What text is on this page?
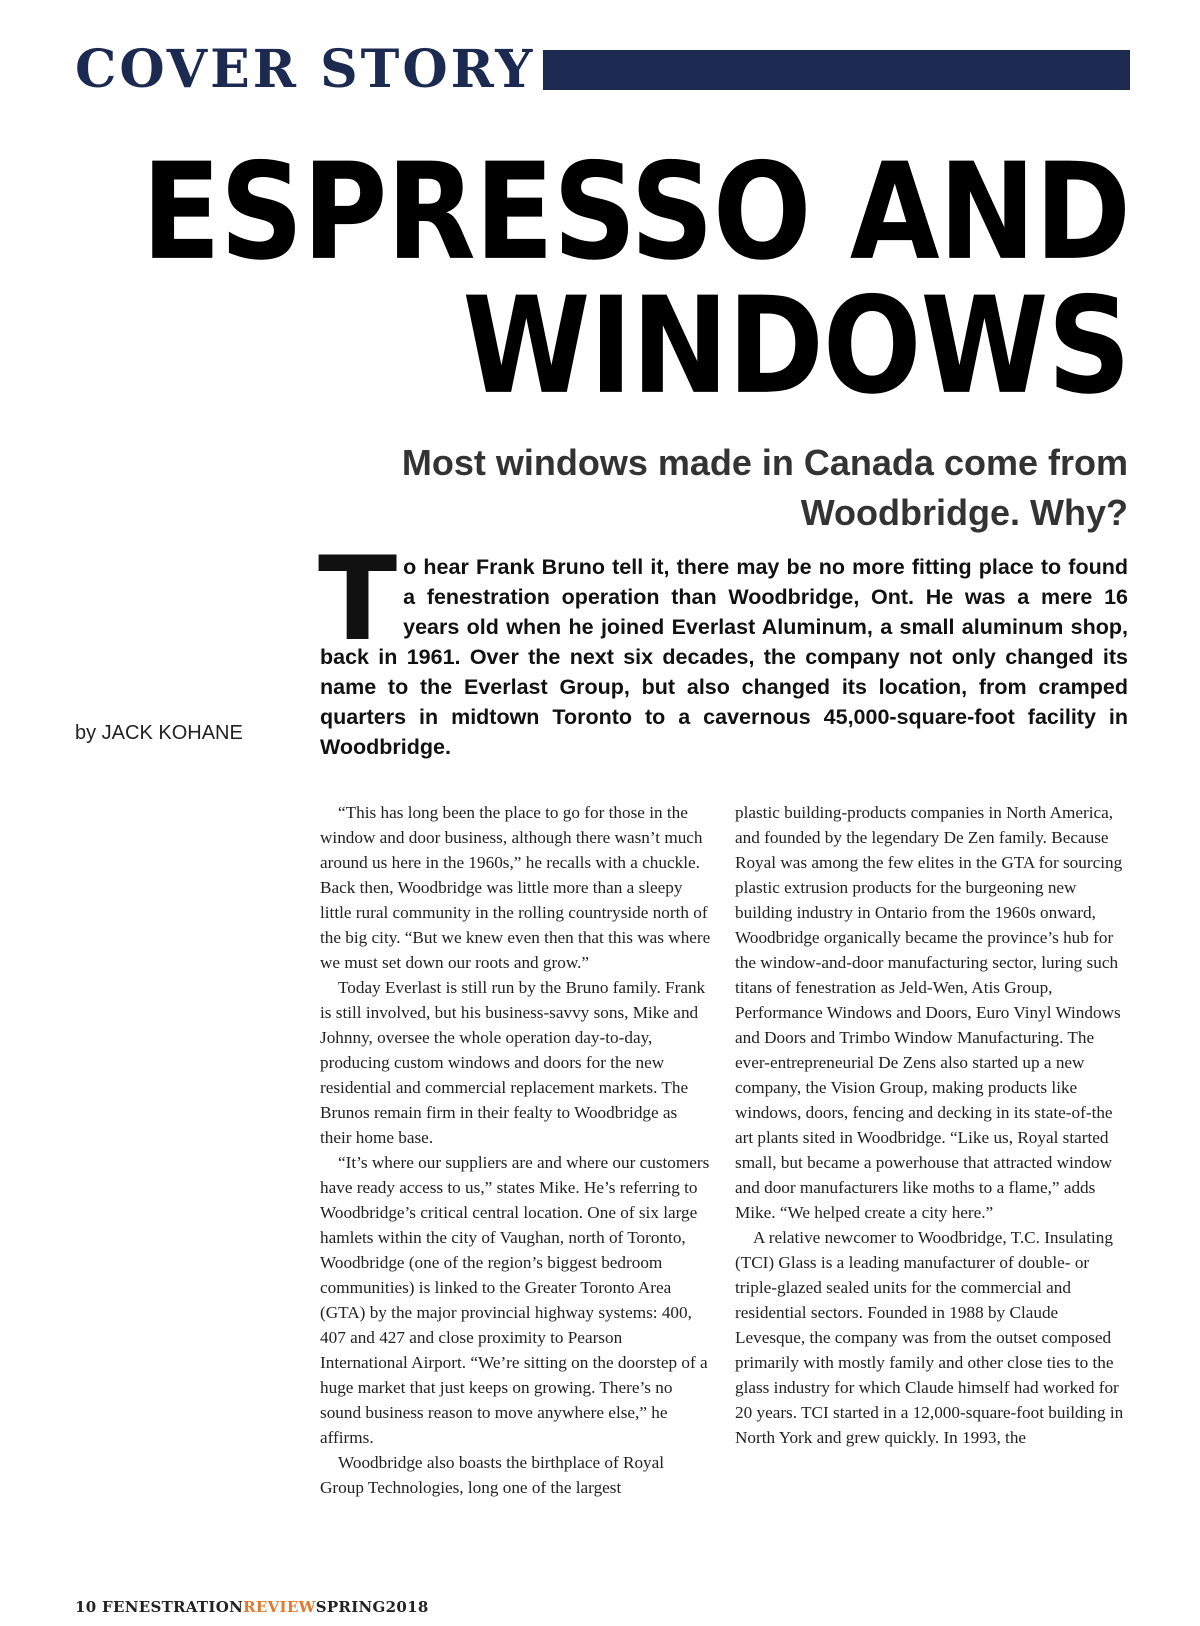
COVER STORY
ESPRESSO AND
WINDOWS
Most windows made in Canada come from Woodbridge. Why?
by JACK KOHANE
To hear Frank Bruno tell it, there may be no more fitting place to found a fenestration operation than Woodbridge, Ont. He was a mere 16 years old when he joined Everlast Aluminum, a small aluminum shop, back in 1961. Over the next six decades, the company not only changed its name to the Everlast Group, but also changed its location, from cramped quarters in midtown Toronto to a cavernous 45,000-square-foot facility in Woodbridge.

“This has long been the place to go for those in the window and door business, although there wasn’t much around us here in the 1960s,” he recalls with a chuckle. Back then, Woodbridge was little more than a sleepy little rural community in the rolling countryside north of the big city. “But we knew even then that this was where we must set down our roots and grow.”

Today Everlast is still run by the Bruno family. Frank is still involved, but his business-savvy sons, Mike and Johnny, oversee the whole operation day-to-day, producing custom windows and doors for the new residential and commercial replacement markets. The Brunos remain firm in their fealty to Woodbridge as their home base.

“It’s where our suppliers are and where our customers have ready access to us,” states Mike. He’s referring to Woodbridge’s critical central location. One of six large hamlets within the city of Vaughan, north of Toronto, Woodbridge (one of the region’s biggest bedroom communities) is linked to the Greater Toronto Area (GTA) by the major provincial highway systems: 400, 407 and 427 and close proximity to Pearson International Airport. “We’re sitting on the doorstep of a huge market that just keeps on growing. There’s no sound business reason to move anywhere else,” he affirms.

Woodbridge also boasts the birthplace of Royal Group Technologies, long one of the largest

plastic building-products companies in North America, and founded by the legendary De Zen family. Because Royal was among the few elites in the GTA for sourcing plastic extrusion products for the burgeoning new building industry in Ontario from the 1960s onward, Woodbridge organically became the province’s hub for the window-and-door manufacturing sector, luring such titans of fenestration as Jeld-Wen, Atis Group, Performance Windows and Doors, Euro Vinyl Windows and Doors and Trimbo Window Manufacturing. The ever-entrepreneurial De Zens also started up a new company, the Vision Group, making products like windows, doors, fencing and decking in its state-of-the art plants sited in Woodbridge. “Like us, Royal started small, but became a powerhouse that attracted window and door manufacturers like moths to a flame,” adds Mike. “We helped create a city here.”

A relative newcomer to Woodbridge, T.C. Insulating (TCI) Glass is a leading manufacturer of double- or triple-glazed sealed units for the commercial and residential sectors. Founded in 1988 by Claude Levesque, the company was from the outset composed primarily with mostly family and other close ties to the glass industry for which Claude himself had worked for 20 years. TCI started in a 12,000-square-foot building in North York and grew quickly. In 1993, the

10 FENESTRATIONREVIEWSPRING2018
